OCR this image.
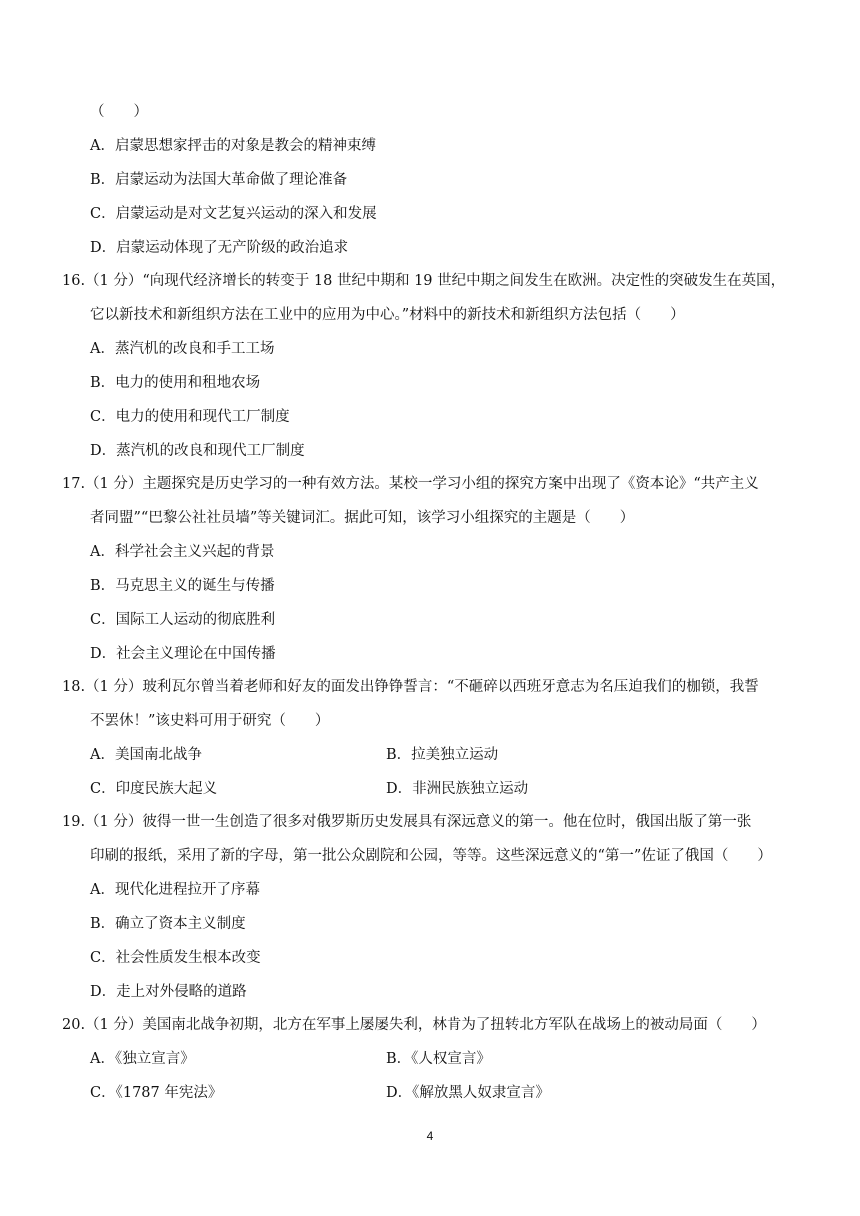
（　　）
A．启蒙思想家抨击的对象是教会的精神束缚
B．启蒙运动为法国大革命做了理论准备
C．启蒙运动是对文艺复兴运动的深入和发展
D．启蒙运动体现了无产阶级的政治追求
16.（1 分）“向现代经济增长的转变于 18 世纪中期和 19 世纪中期之间发生在欧洲。决定性的突破发生在英国，
它以新技术和新组织方法在工业中的应用为中心。”材料中的新技术和新组织方法包括（　　）
A．蒸汽机的改良和手工工场
B．电力的使用和租地农场
C．电力的使用和现代工厂制度
D．蒸汽机的改良和现代工厂制度
17.（1 分）主题探究是历史学习的一种有效方法。某校一学习小组的探究方案中出现了《资本论》“共产主义
者同盟”“巴黎公社社员墙”等关键词汇。据此可知，该学习小组探究的主题是（　　）
A．科学社会主义兴起的背景
B．马克思主义的诞生与传播
C．国际工人运动的彻底胜利
D．社会主义理论在中国传播
18.（1 分）玻利瓦尔曾当着老师和好友的面发出铮铮誓言：“不砸碎以西班牙意志为名压迫我们的枷锁，我誓
不罢休！”该史料可用于研究（　　）
A．美国南北战争	B．拉美独立运动
C．印度民族大起义	D．非洲民族独立运动
19.（1 分）彼得一世一生创造了很多对俄罗斯历史发展具有深远意义的第一。他在位时，俄国出版了第一张
印刷的报纸，采用了新的字母，第一批公众剧院和公园，等等。这些深远意义的“第一”佐证了俄国（　　）
A．现代化进程拉开了序幕
B．确立了资本主义制度
C．社会性质发生根本改变
D．走上对外侵略的道路
20.（1 分）美国南北战争初期，北方在军事上屡屡失利，林肯为了扭转北方军队在战场上的被动局面（　　）
A．《独立宣言》	B．《人权宣言》
C．《1787 年宪法》	D．《解放黑人奴隶宣言》
4
